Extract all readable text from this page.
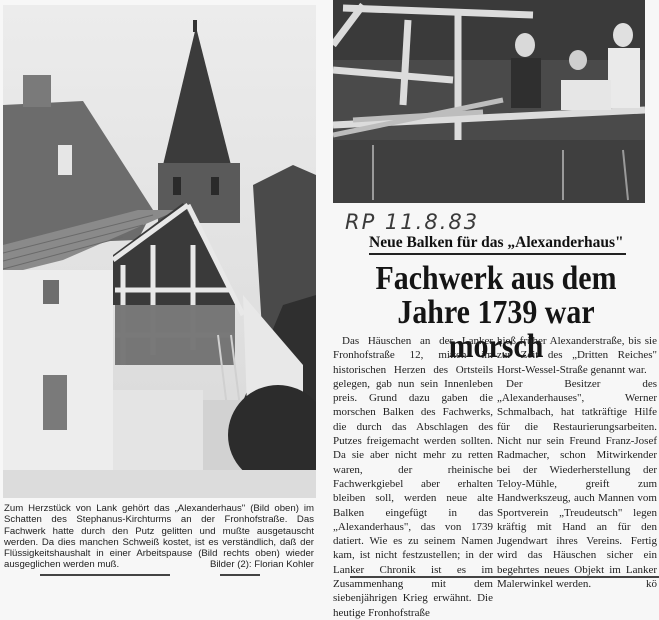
RP 11.8.83
Neue Balken für das „Alexanderhaus"
Fachwerk aus dem
Jahre 1739 war morsch

Das Häuschen an der Lanker Fronhofstraße 12, mitten im historischen Herzen des Ortsteils gelegen, gab nun sein Innenleben preis. Grund dazu gaben die morschen Balken des Fachwerks, die durch das Abschlagen des Putzes freigemacht werden sollten. Da sie aber nicht mehr zu retten waren, der rheinische Fachwerkgiebel aber erhalten bleiben soll, werden neue alte Balken eingefügt in das „Alexanderhaus", das von 1739 datiert. Wie es zu seinem Namen kam, ist nicht festzustellen; in der Lanker Chronik ist es im Zusammenhang mit dem siebenjährigen Krieg erwähnt. Die heutige Fronhofstraße

hieß früher Alexanderstraße, bis sie zur Zeit des „Dritten Reiches" Horst-Wessel-Straße genannt war.

Der Besitzer des „Alexanderhauses", Werner Schmalbach, hat tatkräftige Hilfe für die Restaurierungsarbeiten. Nicht nur sein Freund Franz-Josef Radmacher, schon Mitwirkender bei der Wiederherstellung der Teloy-Mühle, greift zum Handwerkszeug, auch Mannen vom Sportverein „Treudeutsch" legen kräftig mit Hand an für den Jugendwart ihres Vereins. Fertig wird das Häuschen sicher ein begehrtes neues Objekt im Lanker Malerwinkel werden.	kö

Zum Herzstück von Lank gehört das „Alexanderhaus" (Bild oben) im Schatten des Stephanus-Kirchturms an der Fronhofstraße. Das Fachwerk hatte durch den Putz gelitten und mußte ausgetauscht werden. Da dies manchen Schweiß kostet, ist es verständlich, daß der Flüssigkeitshaushalt in einer Arbeitspause (Bild rechts oben) wieder ausgeglichen werden muß.	Bilder (2): Florian Kohler
